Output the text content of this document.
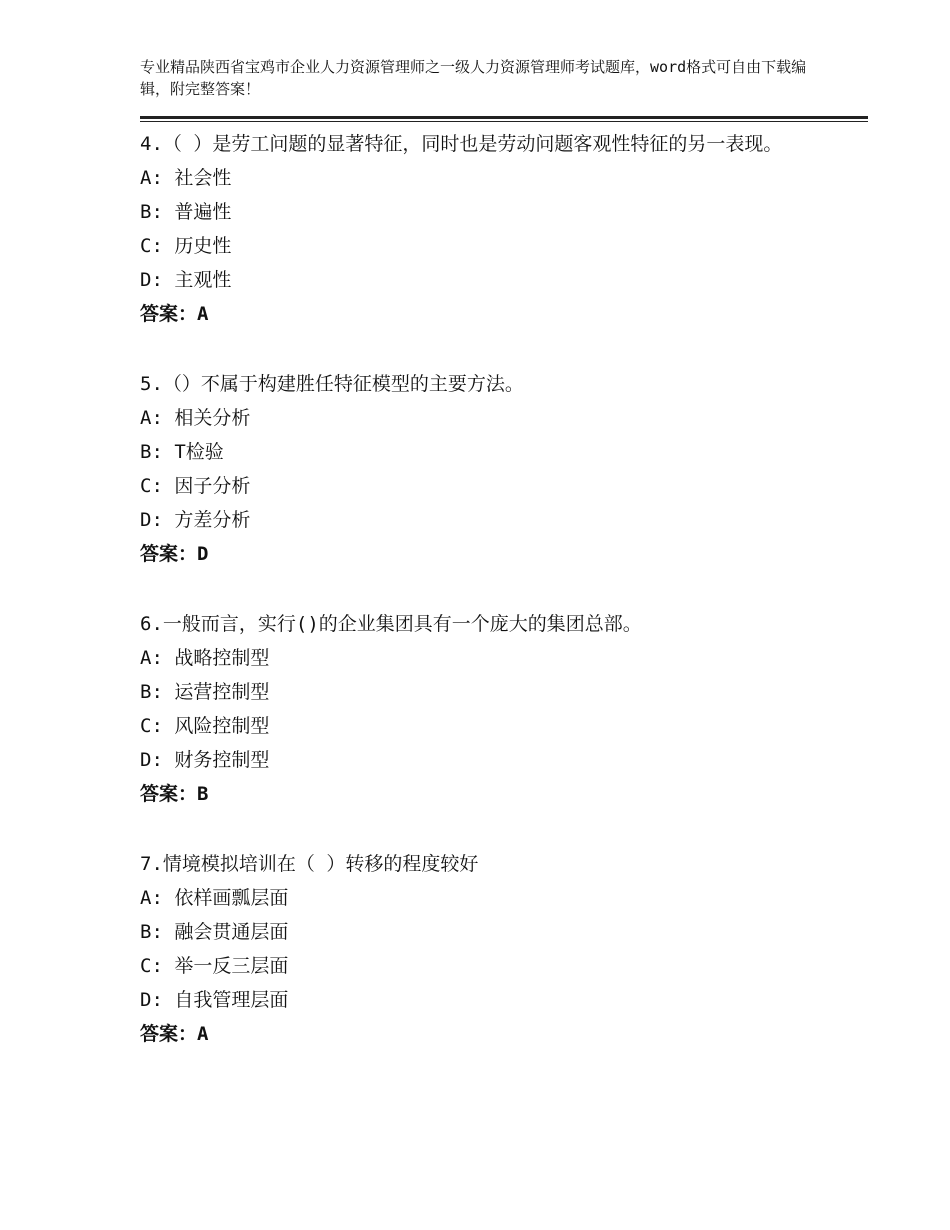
专业精品陕西省宝鸡市企业人力资源管理师之一级人力资源管理师考试题库，word格式可自由下载编辑，附完整答案！

4.（ ）是劳工问题的显著特征，同时也是劳动问题客观性特征的另一表现。

A: 社会性

B: 普遍性

C: 历史性

D: 主观性

答案：A

5.（）不属于构建胜任特征模型的主要方法。

A: 相关分析

B: T检验

C: 因子分析

D: 方差分析

答案：D

6.一般而言，实行()的企业集团具有一个庞大的集团总部。

A: 战略控制型

B: 运营控制型

C: 风险控制型

D: 财务控制型

答案：B

7.情境模拟培训在（ ）转移的程度较好

A: 依样画瓢层面

B: 融会贯通层面

C: 举一反三层面

D: 自我管理层面

答案：A
